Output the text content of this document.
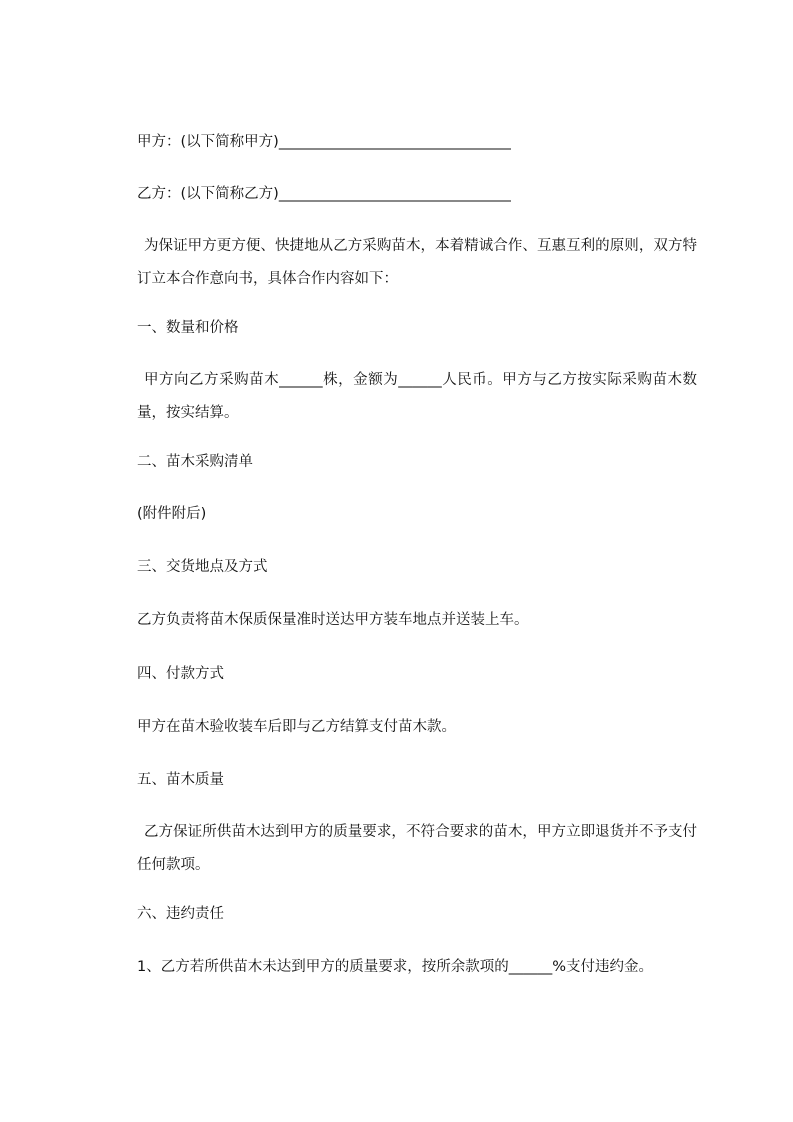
甲方：(以下简称甲方)________________________________
乙方：(以下简称乙方)________________________________
为保证甲方更方便、快捷地从乙方采购苗木，本着精诚合作、互惠互利的原则，双方特订立本合作意向书，具体合作内容如下：
一、数量和价格
甲方向乙方采购苗木______株，金额为______人民币。甲方与乙方按实际采购苗木数量，按实结算。
二、苗木采购清单
(附件附后)
三、交货地点及方式
乙方负责将苗木保质保量准时送达甲方装车地点并送装上车。
四、付款方式
甲方在苗木验收装车后即与乙方结算支付苗木款。
五、苗木质量
乙方保证所供苗木达到甲方的质量要求，不符合要求的苗木，甲方立即退货并不予支付任何款项。
六、违约责任
1、乙方若所供苗木未达到甲方的质量要求，按所余款项的______%支付违约金。
